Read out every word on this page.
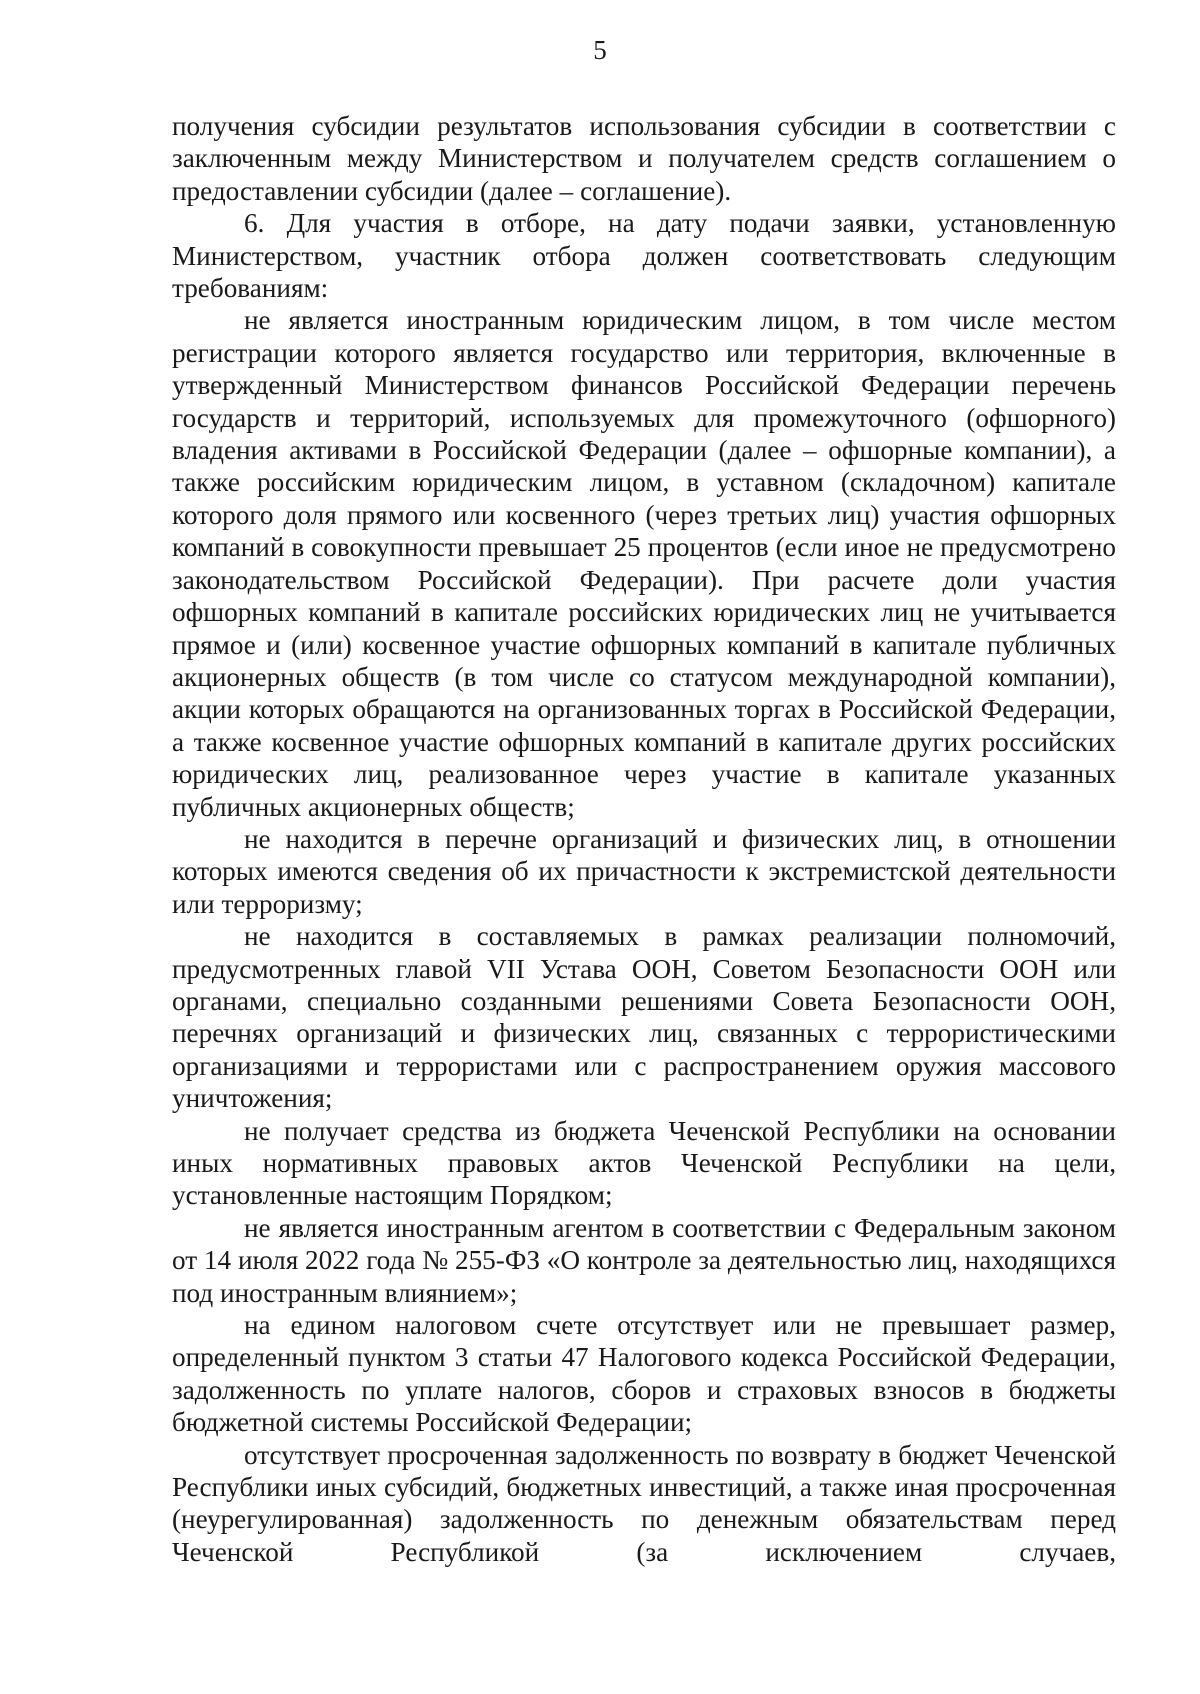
5

получения субсидии результатов использования субсидии в соответствии с заключенным между Министерством и получателем средств соглашением о предоставлении субсидии (далее – соглашение).

6. Для участия в отборе, на дату подачи заявки, установленную Министерством, участник отбора должен соответствовать следующим требованиям:

не является иностранным юридическим лицом, в том числе местом регистрации которого является государство или территория, включенные в утвержденный Министерством финансов Российской Федерации перечень государств и территорий, используемых для промежуточного (офшорного) владения активами в Российской Федерации (далее – офшорные компании), а также российским юридическим лицом, в уставном (складочном) капитале которого доля прямого или косвенного (через третьих лиц) участия офшорных компаний в совокупности превышает 25 процентов (если иное не предусмотрено законодательством Российской Федерации). При расчете доли участия офшорных компаний в капитале российских юридических лиц не учитывается прямое и (или) косвенное участие офшорных компаний в капитале публичных акционерных обществ (в том числе со статусом международной компании), акции которых обращаются на организованных торгах в Российской Федерации, а также косвенное участие офшорных компаний в капитале других российских юридических лиц, реализованное через участие в капитале указанных публичных акционерных обществ;

не находится в перечне организаций и физических лиц, в отношении которых имеются сведения об их причастности к экстремистской деятельности или терроризму;

не находится в составляемых в рамках реализации полномочий, предусмотренных главой VII Устава ООН, Советом Безопасности ООН или органами, специально созданными решениями Совета Безопасности ООН, перечнях организаций и физических лиц, связанных с террористическими организациями и террористами или с распространением оружия массового уничтожения;

не получает средства из бюджета Чеченской Республики на основании иных нормативных правовых актов Чеченской Республики на цели, установленные настоящим Порядком;

не является иностранным агентом в соответствии с Федеральным законом от 14 июля 2022 года № 255-ФЗ «О контроле за деятельностью лиц, находящихся под иностранным влиянием»;

на едином налоговом счете отсутствует или не превышает размер, определенный пунктом 3 статьи 47 Налогового кодекса Российской Федерации, задолженность по уплате налогов, сборов и страховых взносов в бюджеты бюджетной системы Российской Федерации;

отсутствует просроченная задолженность по возврату в бюджет Чеченской Республики иных субсидий, бюджетных инвестиций, а также иная просроченная (неурегулированная) задолженность по денежным обязательствам перед Чеченской Республикой (за исключением случаев,
